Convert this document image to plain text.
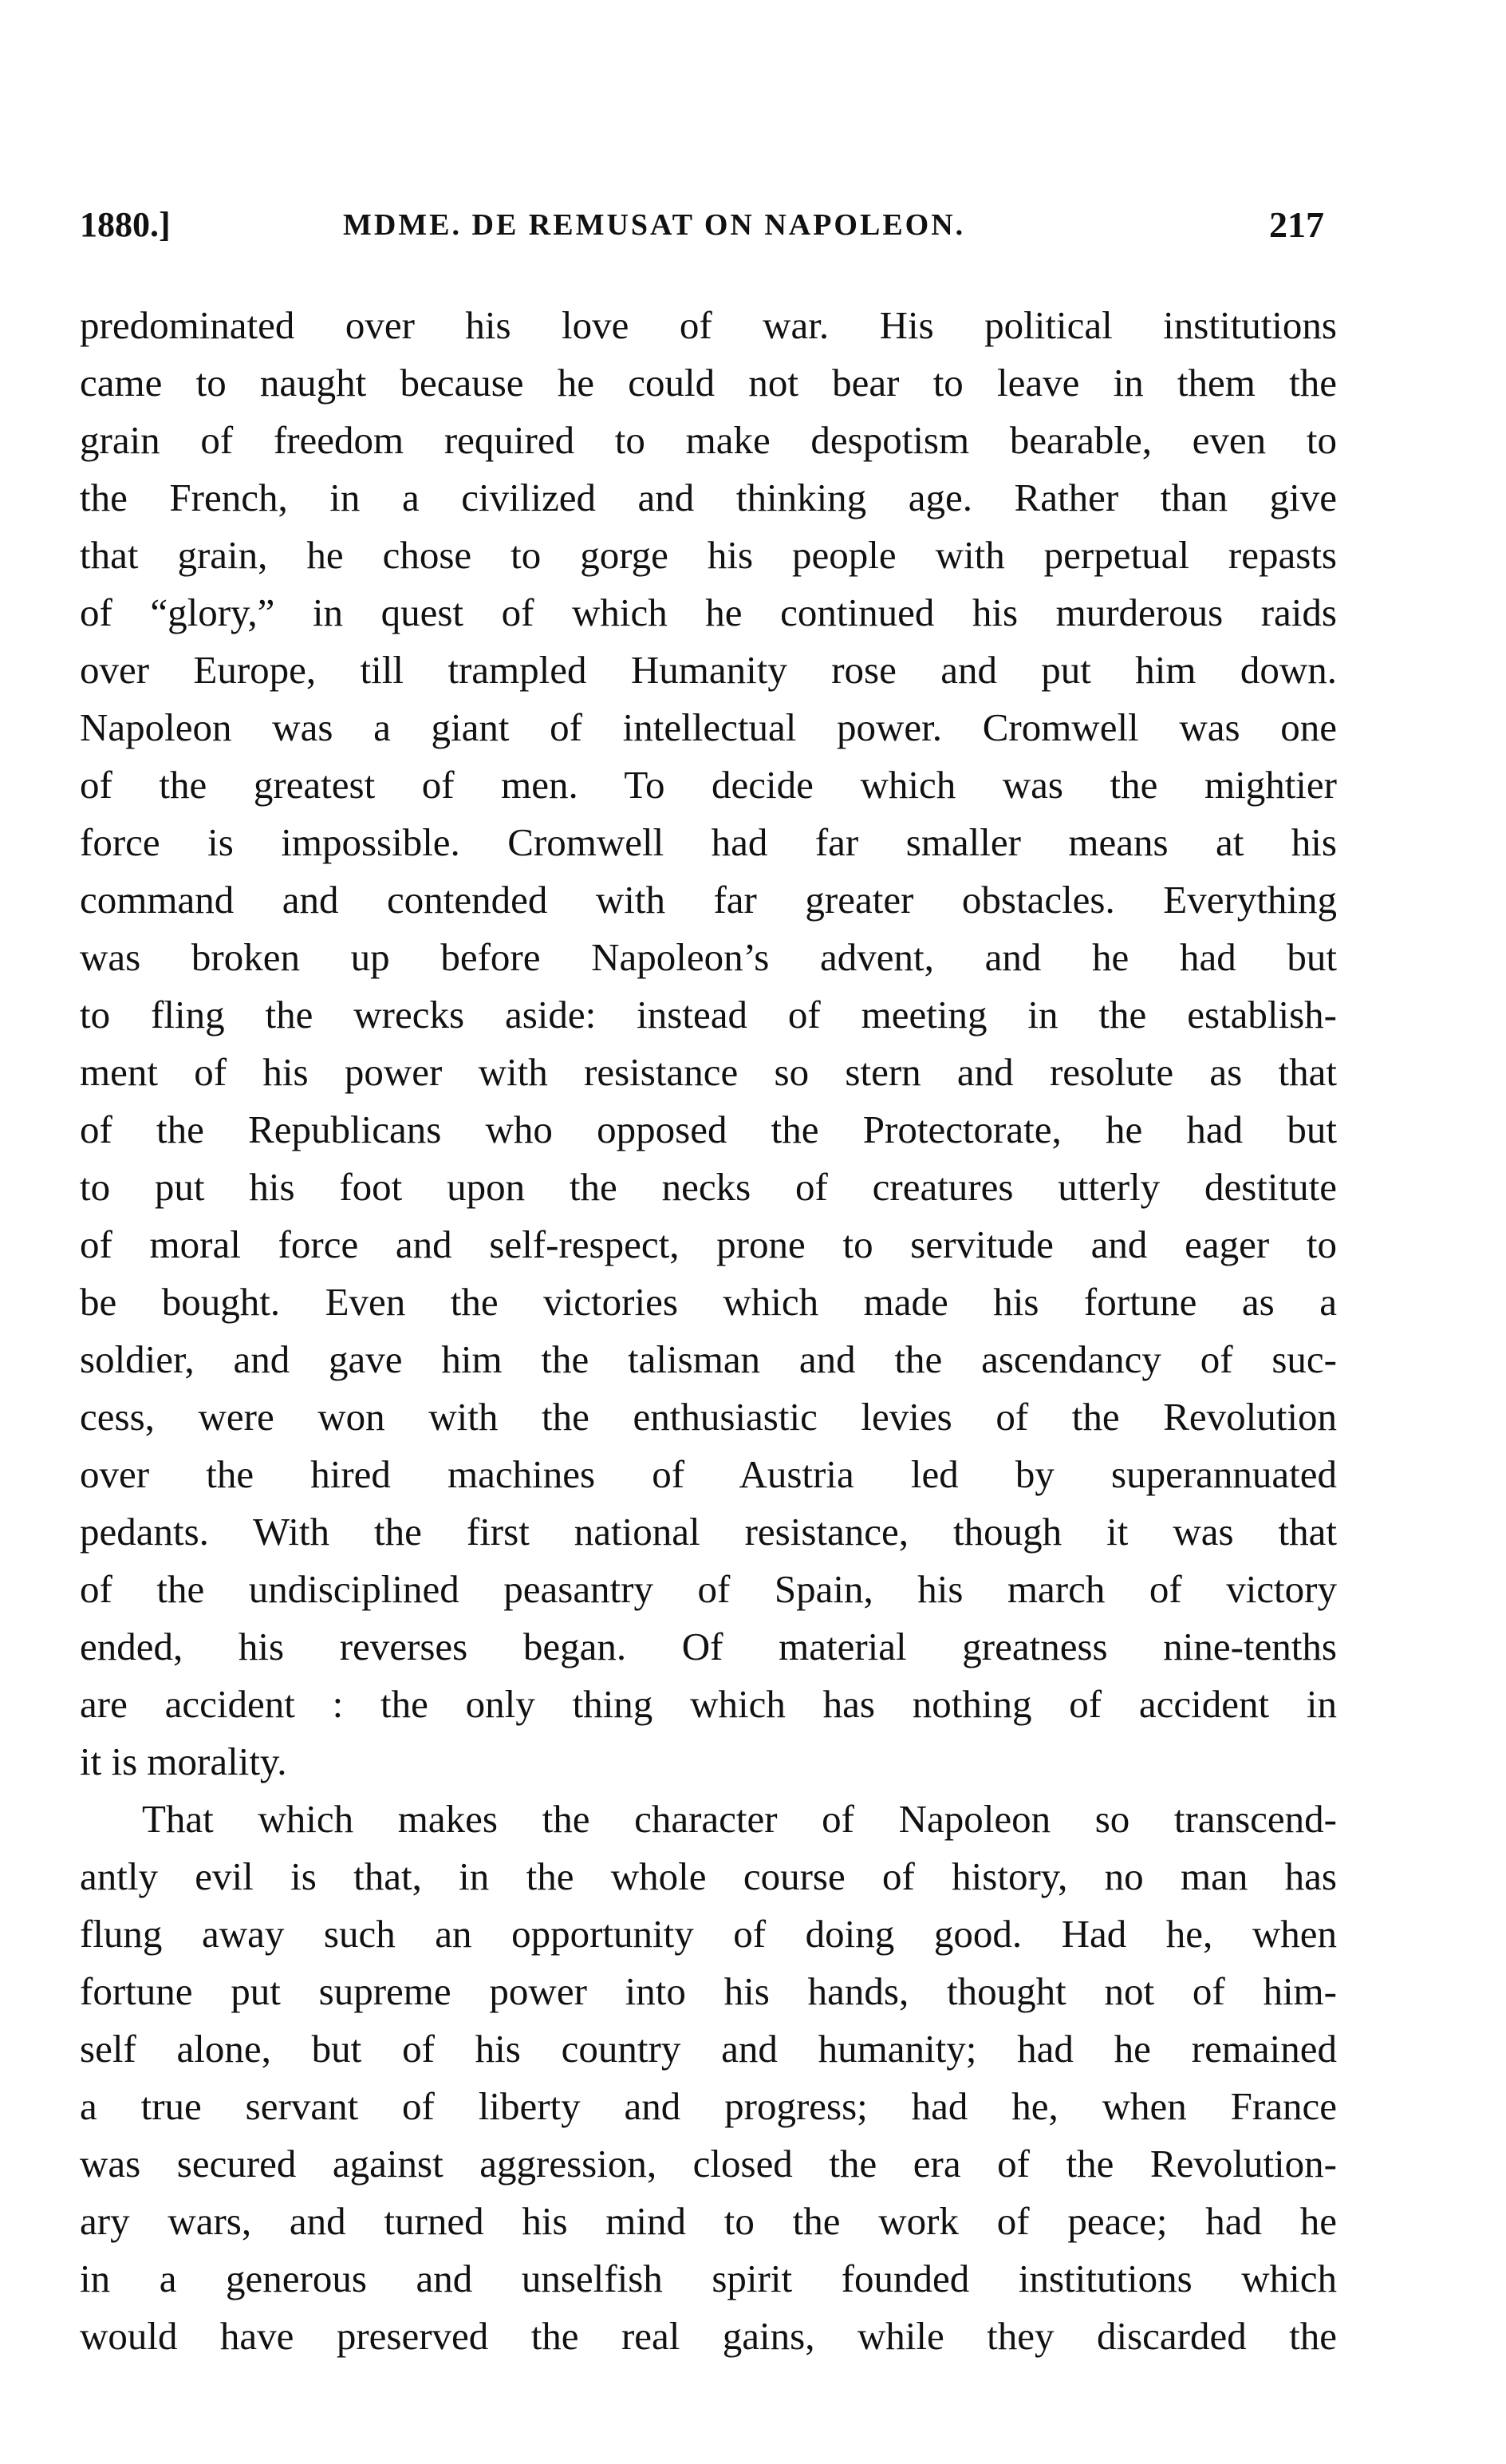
1880.]	MDME. DE REMUSAT ON NAPOLEON.	217
predominated over his love of war. His political institutions
came to naught because he could not bear to leave in them the
grain of freedom required to make despotism bearable, even to
the French, in a civilized and thinking age. Rather than give
that grain, he chose to gorge his people with perpetual repasts
of “glory,” in quest of which he continued his murderous raids
over Europe, till trampled Humanity rose and put him down.
Napoleon was a giant of intellectual power. Cromwell was one
of the greatest of men. To decide which was the mightier
force is impossible. Cromwell had far smaller means at his
command and contended with far greater obstacles. Everything
was broken up before Napoleon’s advent, and he had but
to fling the wrecks aside: instead of meeting in the establish-
ment of his power with resistance so stern and resolute as that
of the Republicans who opposed the Protectorate, he had but
to put his foot upon the necks of creatures utterly destitute
of moral force and self-respect, prone to servitude and eager to
be bought. Even the victories which made his fortune as a
soldier, and gave him the talisman and the ascendancy of suc-
cess, were won with the enthusiastic levies of the Revolution
over the hired machines of Austria led by superannuated
pedants. With the first national resistance, though it was that
of the undisciplined peasantry of Spain, his march of victory
ended, his reverses began. Of material greatness nine-tenths
are accident : the only thing which has nothing of accident in
it is morality.
That which makes the character of Napoleon so transcend-
antly evil is that, in the whole course of history, no man has
flung away such an opportunity of doing good. Had he, when
fortune put supreme power into his hands, thought not of him-
self alone, but of his country and humanity; had he remained
a true servant of liberty and progress; had he, when France
was secured against aggression, closed the era of the Revolution-
ary wars, and turned his mind to the work of peace; had he
in a generous and unselfish spirit founded institutions which
would have preserved the real gains, while they discarded the
